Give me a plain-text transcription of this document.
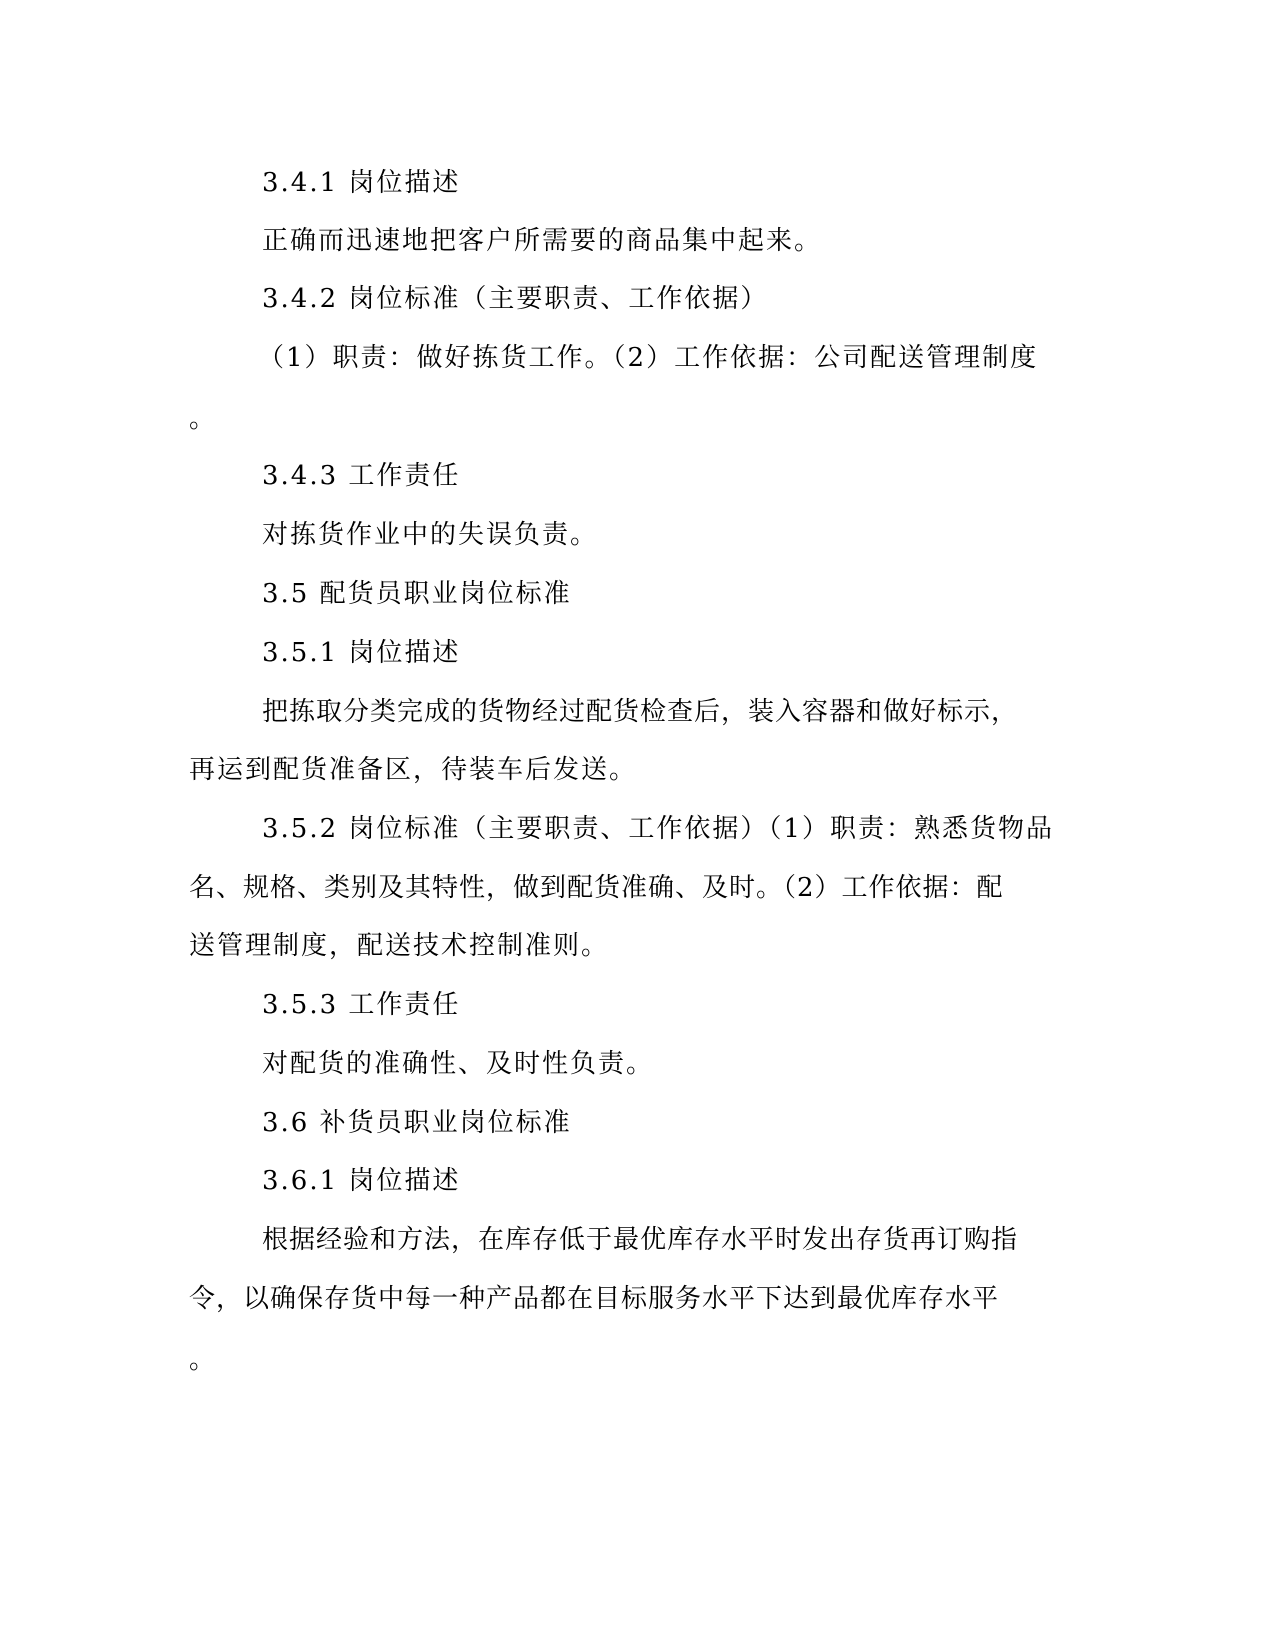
3.4.1 岗位描述
正确而迅速地把客户所需要的商品集中起来。
3.4.2 岗位标准（主要职责、工作依据）
（1）职责：做好拣货工作。（2）工作依据：公司配送管理制度
。
3.4.3 工作责任
对拣货作业中的失误负责。
3.5 配货员职业岗位标准
3.5.1 岗位描述
把拣取分类完成的货物经过配货检查后，装入容器和做好标示，
再运到配货准备区，待装车后发送。
3.5.2 岗位标准（主要职责、工作依据）（1）职责：熟悉货物品
名、规格、类别及其特性，做到配货准确、及时。（2）工作依据：配
送管理制度，配送技术控制准则。
3.5.3 工作责任
对配货的准确性、及时性负责。
3.6 补货员职业岗位标准
3.6.1 岗位描述
根据经验和方法，在库存低于最优库存水平时发出存货再订购指
令，以确保存货中每一种产品都在目标服务水平下达到最优库存水平
。
